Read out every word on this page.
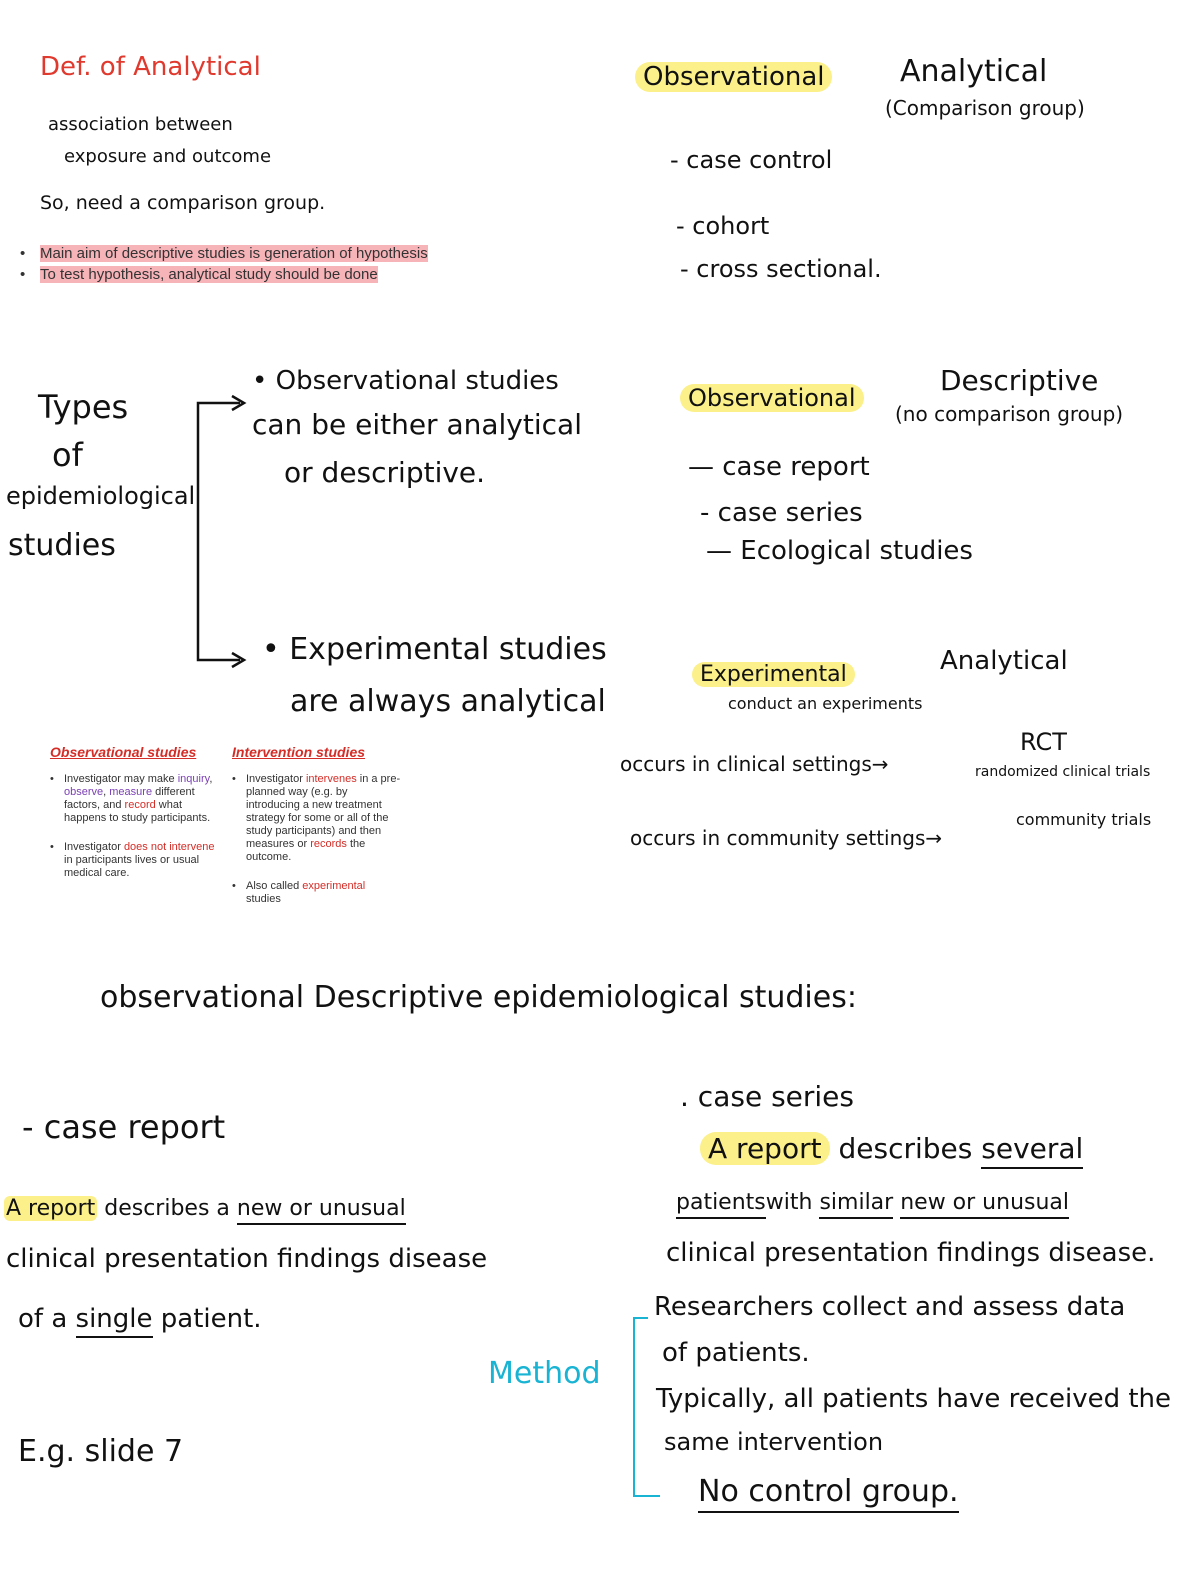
Def. of Analytical
association between
exposure and outcome
So, need a comparison group.
• Main aim of descriptive studies is generation of hypothesis
• To test hypothesis, analytical study should be done
Observational	Analytical
(Comparison group)
- case control
- cohort
- cross sectional.
Types
of
epidemiological
studies
• Observational studies
can be either analytical
or descriptive.
• Experimental studies
are always analytical
Observational
Descriptive
(no comparison group)
— case report
- case series
— Ecological studies
Experimental	Analytical
conduct an experiments
occurs in clinical settings→
RCT
randomized clinical trials
occurs in community settings→
community trials
Observational studies
• Investigator may make inquiry, observe, measure different factors, and record what happens to study participants.
• Investigator does not intervene in participants lives or usual medical care.
Intervention studies
• Investigator intervenes in a pre-planned way (e.g. by introducing a new treatment strategy for some or all of the study participants) and then measures or records the outcome.
• Also called experimental studies
observational Descriptive epidemiological studies:
- case report
A report describes a new or unusual
clinical presentation findings disease
of a single patient.
E.g. slide 7
. case series
A report describes several
patientswith similar new or unusual
clinical presentation findings disease.
Method
Researchers collect and assess data
of patients.
Typically, all patients have received the
same intervention
No control group.
